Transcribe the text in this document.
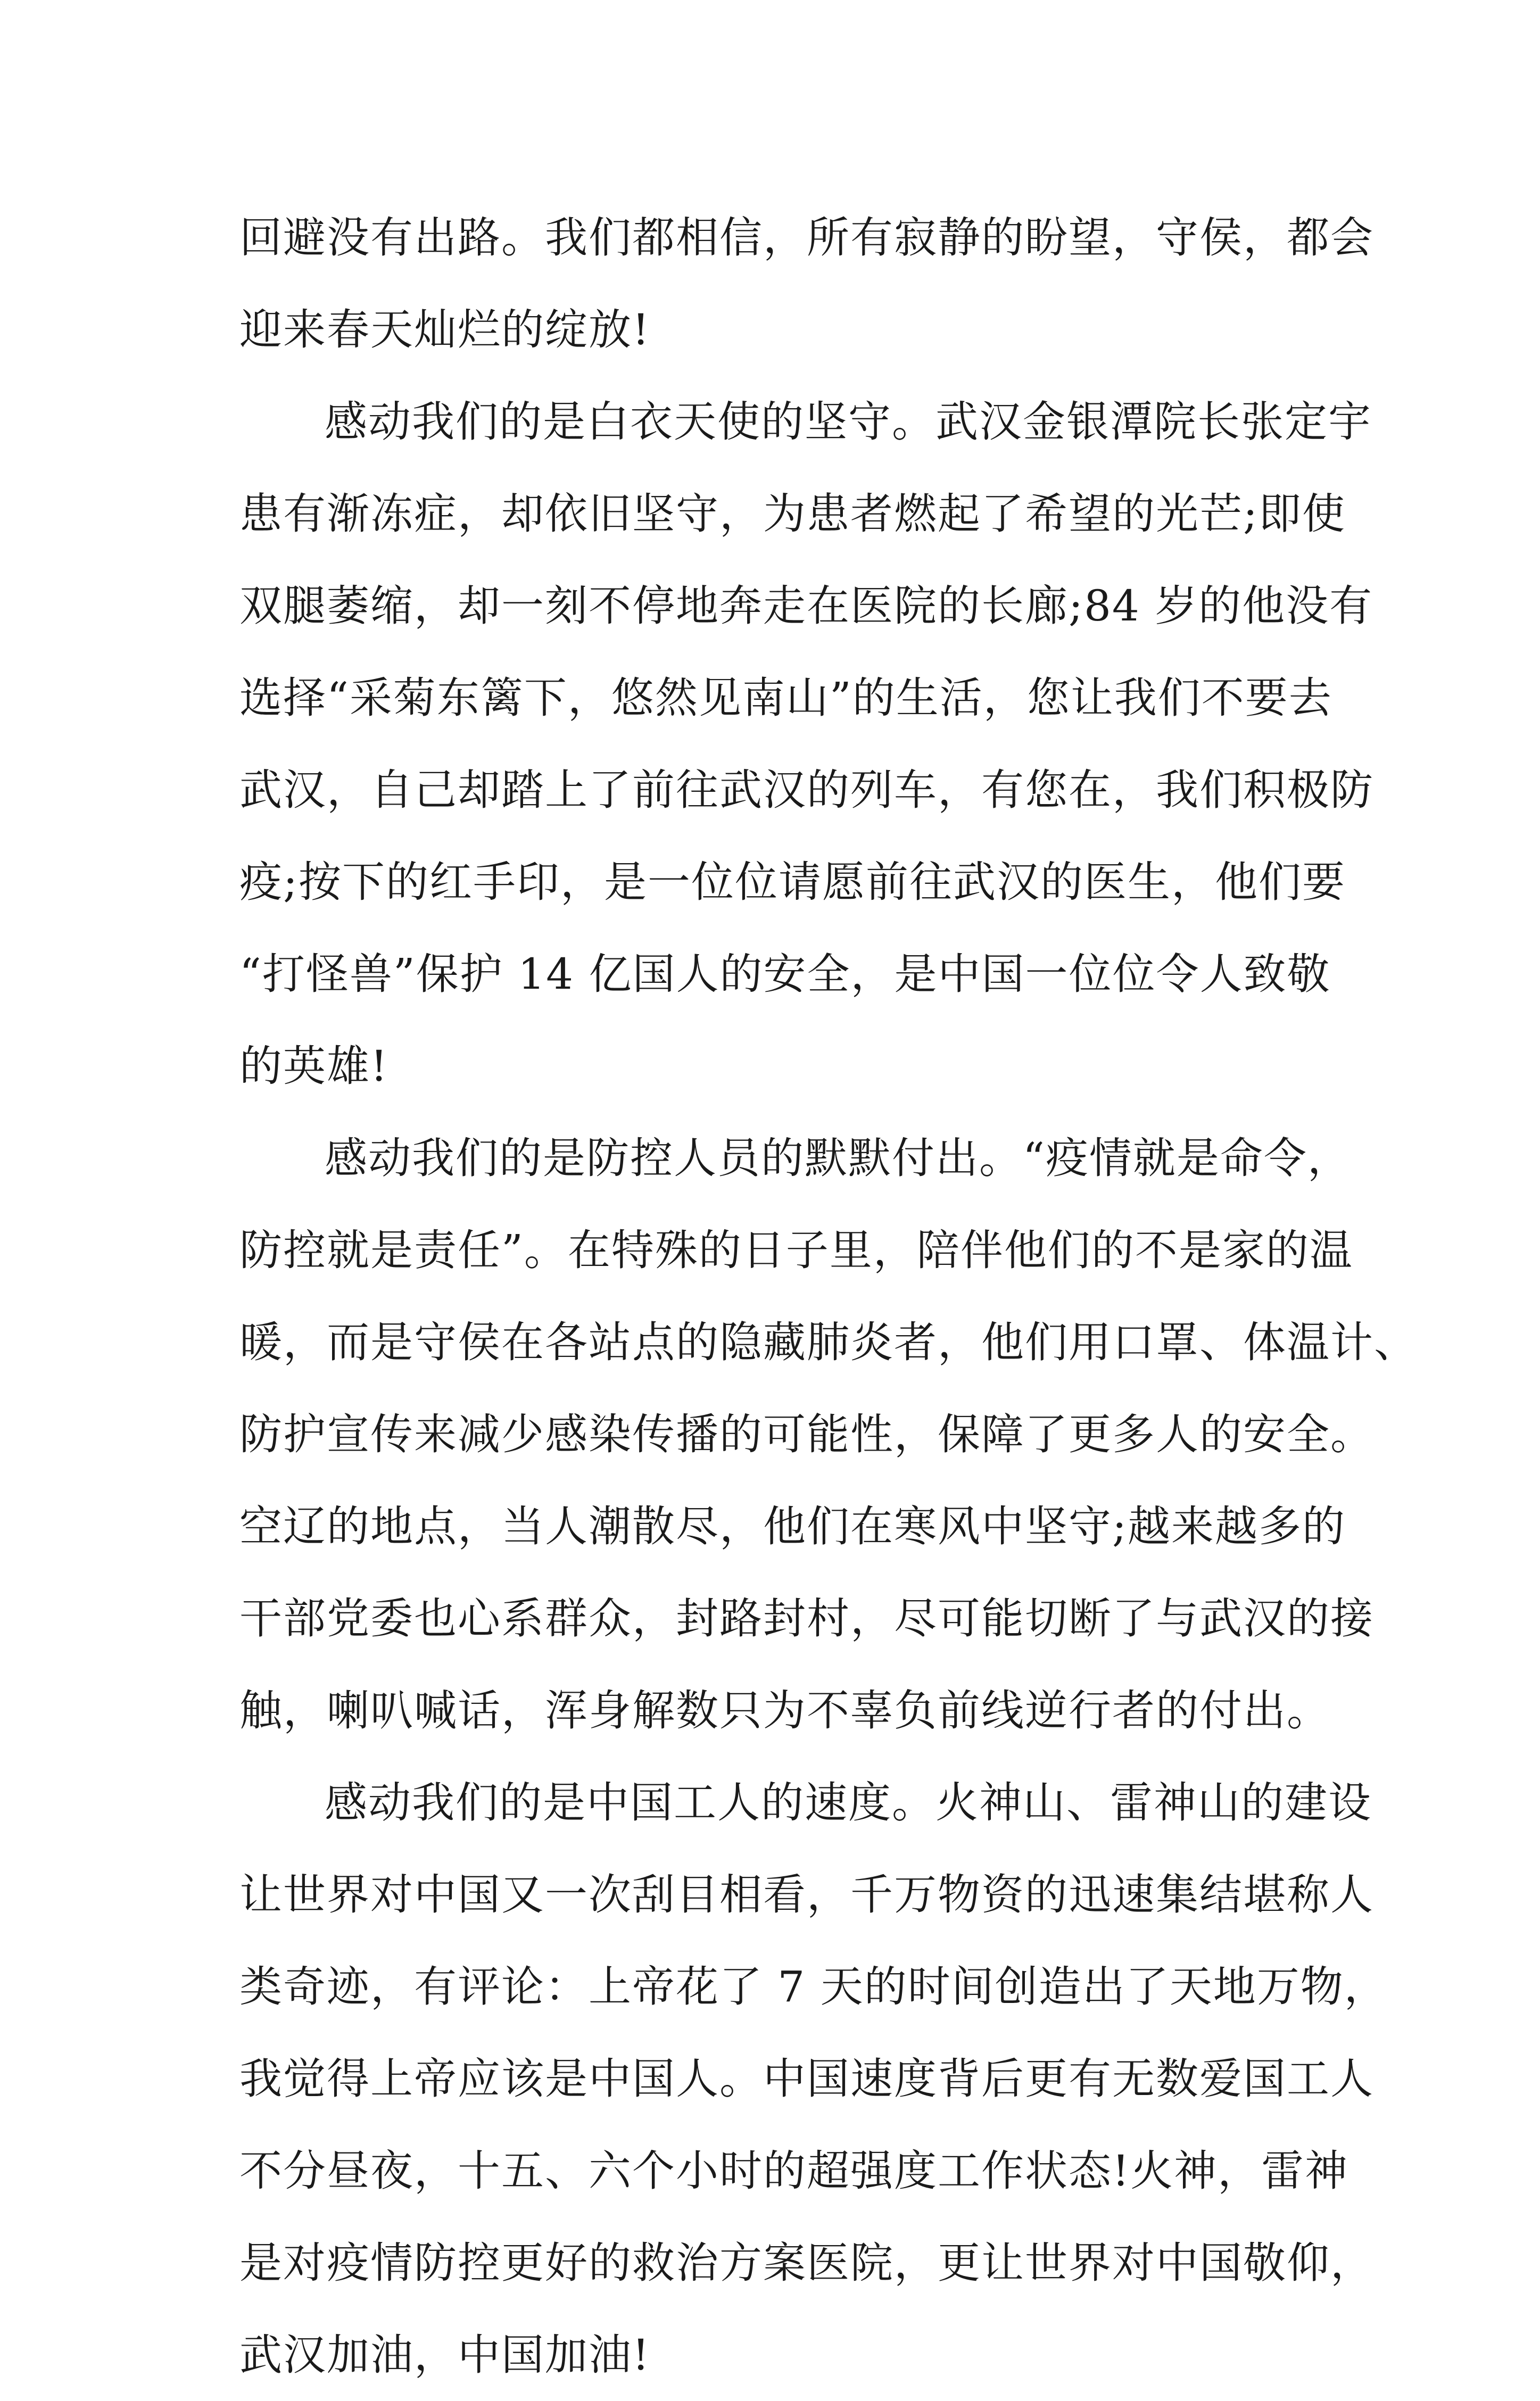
回避没有出路。我们都相信，所有寂静的盼望，守侯，都会
迎来春天灿烂的绽放!
感动我们的是白衣天使的坚守。武汉金银潭院长张定宇
患有渐冻症，却依旧坚守，为患者燃起了希望的光芒;即使
双腿萎缩，却一刻不停地奔走在医院的长廊;84 岁的他没有
选择“采菊东篱下，悠然见南山”的生活，您让我们不要去
武汉，自己却踏上了前往武汉的列车，有您在，我们积极防
疫;按下的红手印，是一位位请愿前往武汉的医生，他们要
“打怪兽”保护 14 亿国人的安全，是中国一位位令人致敬
的英雄!
感动我们的是防控人员的默默付出。“疫情就是命令，
防控就是责任”。在特殊的日子里，陪伴他们的不是家的温
暖，而是守侯在各站点的隐藏肺炎者，他们用口罩、体温计、
防护宣传来减少感染传播的可能性，保障了更多人的安全。
空辽的地点，当人潮散尽，他们在寒风中坚守;越来越多的
干部党委也心系群众，封路封村，尽可能切断了与武汉的接
触，喇叭喊话，浑身解数只为不辜负前线逆行者的付出。
感动我们的是中国工人的速度。火神山、雷神山的建设
让世界对中国又一次刮目相看，千万物资的迅速集结堪称人
类奇迹，有评论：上帝花了 7 天的时间创造出了天地万物，
我觉得上帝应该是中国人。中国速度背后更有无数爱国工人
不分昼夜，十五、六个小时的超强度工作状态!火神，雷神
是对疫情防控更好的救治方案医院，更让世界对中国敬仰，
武汉加油，中国加油!
